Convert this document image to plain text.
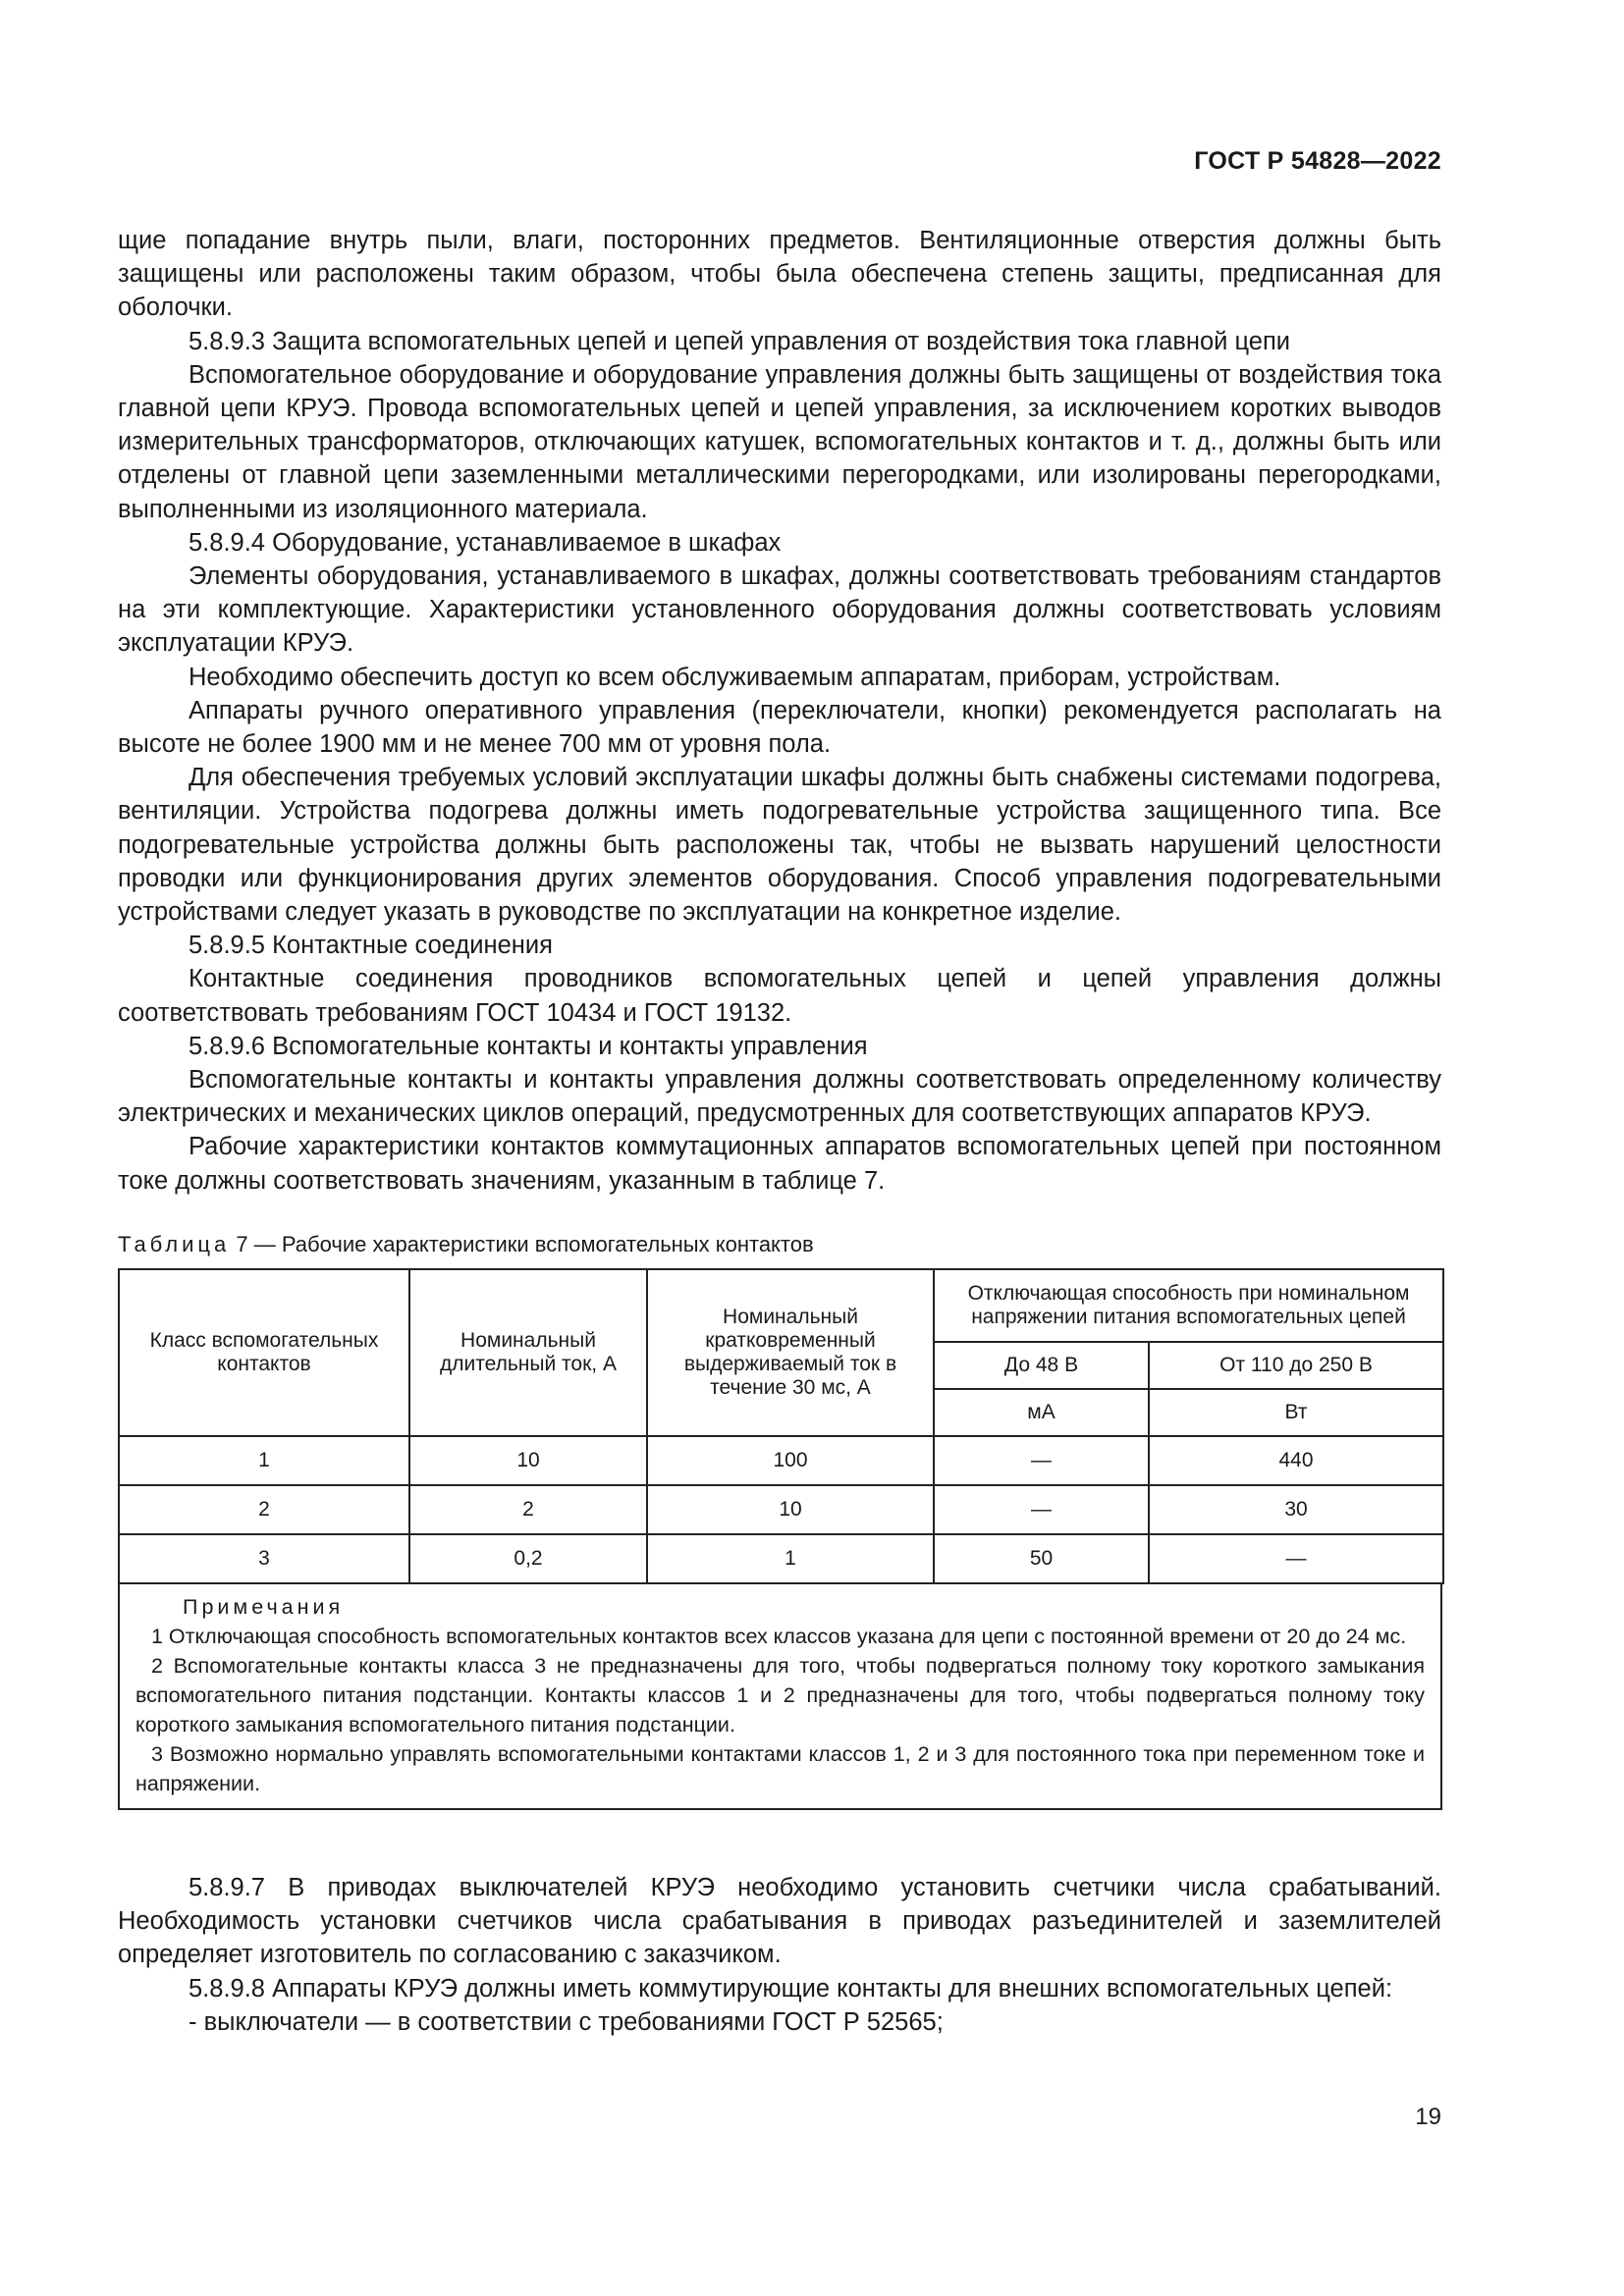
ГОСТ Р 54828—2022

щие попадание внутрь пыли, влаги, посторонних предметов. Вентиляционные отверстия должны быть защищены или расположены таким образом, чтобы была обеспечена степень защиты, предписанная для оболочки.

5.8.9.3 Защита вспомогательных цепей и цепей управления от воздействия тока главной цепи

Вспомогательное оборудование и оборудование управления должны быть защищены от воздействия тока главной цепи КРУЭ. Провода вспомогательных цепей и цепей управления, за исключением коротких выводов измерительных трансформаторов, отключающих катушек, вспомогательных контактов и т. д., должны быть или отделены от главной цепи заземленными металлическими перегородками, или изолированы перегородками, выполненными из изоляционного материала.

5.8.9.4 Оборудование, устанавливаемое в шкафах

Элементы оборудования, устанавливаемого в шкафах, должны соответствовать требованиям стандартов на эти комплектующие. Характеристики установленного оборудования должны соответствовать условиям эксплуатации КРУЭ.

Необходимо обеспечить доступ ко всем обслуживаемым аппаратам, приборам, устройствам.

Аппараты ручного оперативного управления (переключатели, кнопки) рекомендуется располагать на высоте не более 1900 мм и не менее 700 мм от уровня пола.

Для обеспечения требуемых условий эксплуатации шкафы должны быть снабжены системами подогрева, вентиляции. Устройства подогрева должны иметь подогревательные устройства защищенного типа. Все подогревательные устройства должны быть расположены так, чтобы не вызвать нарушений целостности проводки или функционирования других элементов оборудования. Способ управления подогревательными устройствами следует указать в руководстве по эксплуатации на конкретное изделие.

5.8.9.5 Контактные соединения

Контактные соединения проводников вспомогательных цепей и цепей управления должны соответствовать требованиям ГОСТ 10434 и ГОСТ 19132.

5.8.9.6 Вспомогательные контакты и контакты управления

Вспомогательные контакты и контакты управления должны соответствовать определенному количеству электрических и механических циклов операций, предусмотренных для соответствующих аппаратов КРУЭ.

Рабочие характеристики контактов коммутационных аппаратов вспомогательных цепей при постоянном токе должны соответствовать значениям, указанным в таблице 7.

Таблица 7 — Рабочие характеристики вспомогательных контактов
Класс вспомогательных контактов	Номинальный длительный ток, А	Номинальный кратковременный выдерживаемый ток в течение 30 мс, А	Отключающая способность при номинальном напряжении питания вспомогательных цепей	
			До 48 В	От 110 до 250 В
			мА	Вт
1	10	100	—	440
2	2	10	—	30
3	0,2	1	50	—

Примечания

1 Отключающая способность вспомогательных контактов всех классов указана для цепи с постоянной времени от 20 до 24 мс.

2 Вспомогательные контакты класса 3 не предназначены для того, чтобы подвергаться полному току короткого замыкания вспомогательного питания подстанции. Контакты классов 1 и 2 предназначены для того, чтобы подвергаться полному току короткого замыкания вспомогательного питания подстанции.

3 Возможно нормально управлять вспомогательными контактами классов 1, 2 и 3 для постоянного тока при переменном токе и напряжении.

5.8.9.7 В приводах выключателей КРУЭ необходимо установить счетчики числа срабатываний. Необходимость установки счетчиков числа срабатывания в приводах разъединителей и заземлителей определяет изготовитель по согласованию с заказчиком.

5.8.9.8 Аппараты КРУЭ должны иметь коммутирующие контакты для внешних вспомогательных цепей:

- выключатели — в соответствии с требованиями ГОСТ Р 52565;

19
